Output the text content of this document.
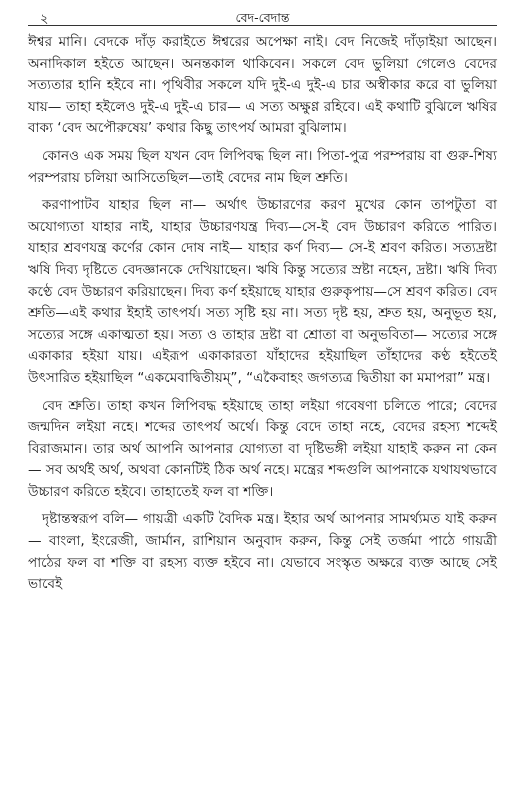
২	বেদ-বেদান্ত

ঈশ্বর মানি। বেদকে দাঁড় করাইতে ঈশ্বরের অপেক্ষা নাই। বেদ নিজেই দাঁড়াইয়া আছেন। অনাদিকাল হইতে আছেন। অনন্তকাল থাকিবেন। সকলে বেদ ভুলিয়া গেলেও বেদের সত্যতার হানি হইবে না। পৃথিবীর সকলে যদি দুই-এ দুই-এ চার অস্বীকার করে বা ভুলিয়া যায়— তাহা হইলেও দুই-এ দুই-এ চার— এ সত্য অক্ষুণ্ণ রহিবে। এই কথাটি বুঝিলে ঋষির বাক্য ‘বেদ অপৌরুষেয়’ কথার কিছু তাৎপর্য আমরা বুঝিলাম।

কোনও এক সময় ছিল যখন বেদ লিপিবদ্ধ ছিল না। পিতা-পুত্র পরম্পরায় বা গুরু-শিষ্য পরম্পরায় চলিয়া আসিতেছিল—তাই বেদের নাম ছিল শ্রুতি।

করণাপাটব যাহার ছিল না— অর্থাৎ উচ্চারণের করণ মুখের কোন তাপটুতা বা অযোগ্যতা যাহার নাই, যাহার উচ্চারণযন্ত্র দিব্য—সে-ই বেদ উচ্চারণ করিতে পারিত। যাহার শ্রবণযন্ত্র কর্ণের কোন দোষ নাই— যাহার কর্ণ দিব্য— সে-ই শ্রবণ করিত। সত্যদ্রষ্টা ঋষি দিব্য দৃষ্টিতে বেদজ্ঞানকে দেখিয়াছেন। ঋষি কিন্তু সত্যের স্রষ্টা নহেন, দ্রষ্টা। ঋষি দিব্য কণ্ঠে বেদ উচ্চারণ করিয়াছেন। দিব্য কর্ণ হইয়াছে যাহার গুরুকৃপায়—সে শ্রবণ করিত। বেদ শ্রুতি—এই কথার ইহাই তাৎপর্য। সত্য সৃষ্টি হয় না। সত্য দৃষ্ট হয়, শ্রুত হয়, অনুভূত হয়, সত্যের সঙ্গে একাত্মতা হয়। সত্য ও তাহার দ্রষ্টা বা শ্রোতা বা অনুভবিতা— সত্যের সঙ্গে একাকার হইয়া যায়। এইরূপ একাকারতা যাঁহাদের হইয়াছিল তাঁহাদের কণ্ঠ হইতেই উৎসারিত হইয়াছিল “একমেবাদ্বিতীয়ম্”, “একৈবাহং জগত্যত্র দ্বিতীয়া কা মমাপরা” মন্ত্র।

বেদ শ্রুতি। তাহা কখন লিপিবদ্ধ হইয়াছে তাহা লইয়া গবেষণা চলিতে পারে; বেদের জন্মদিন লইয়া নহে। শব্দের তাৎপর্য অর্থে। কিন্তু বেদে তাহা নহে, বেদের রহস্য শব্দেই বিরাজমান। তার অর্থ আপনি আপনার যোগ্যতা বা দৃষ্টিভঙ্গী লইয়া যাহাই করুন না কেন— সব অর্থই অর্থ, অথবা কোনটিই ঠিক অর্থ নহে। মন্ত্রের শব্দগুলি আপনাকে যথাযথভাবে উচ্চারণ করিতে হইবে। তাহাতেই ফল বা শক্তি।

দৃষ্টান্তস্বরূপ বলি— গায়ত্রী একটি বৈদিক মন্ত্র। ইহার অর্থ আপনার সামর্থ্যমত যাই করুন— বাংলা, ইংরেজী, জার্মান, রাশিয়ান অনুবাদ করুন, কিন্তু সেই তর্জমা পাঠে গায়ত্রী পাঠের ফল বা শক্তি বা রহস্য ব্যক্ত হইবে না। যেভাবে সংস্কৃত অক্ষরে ব্যক্ত আছে সেই ভাবেই
